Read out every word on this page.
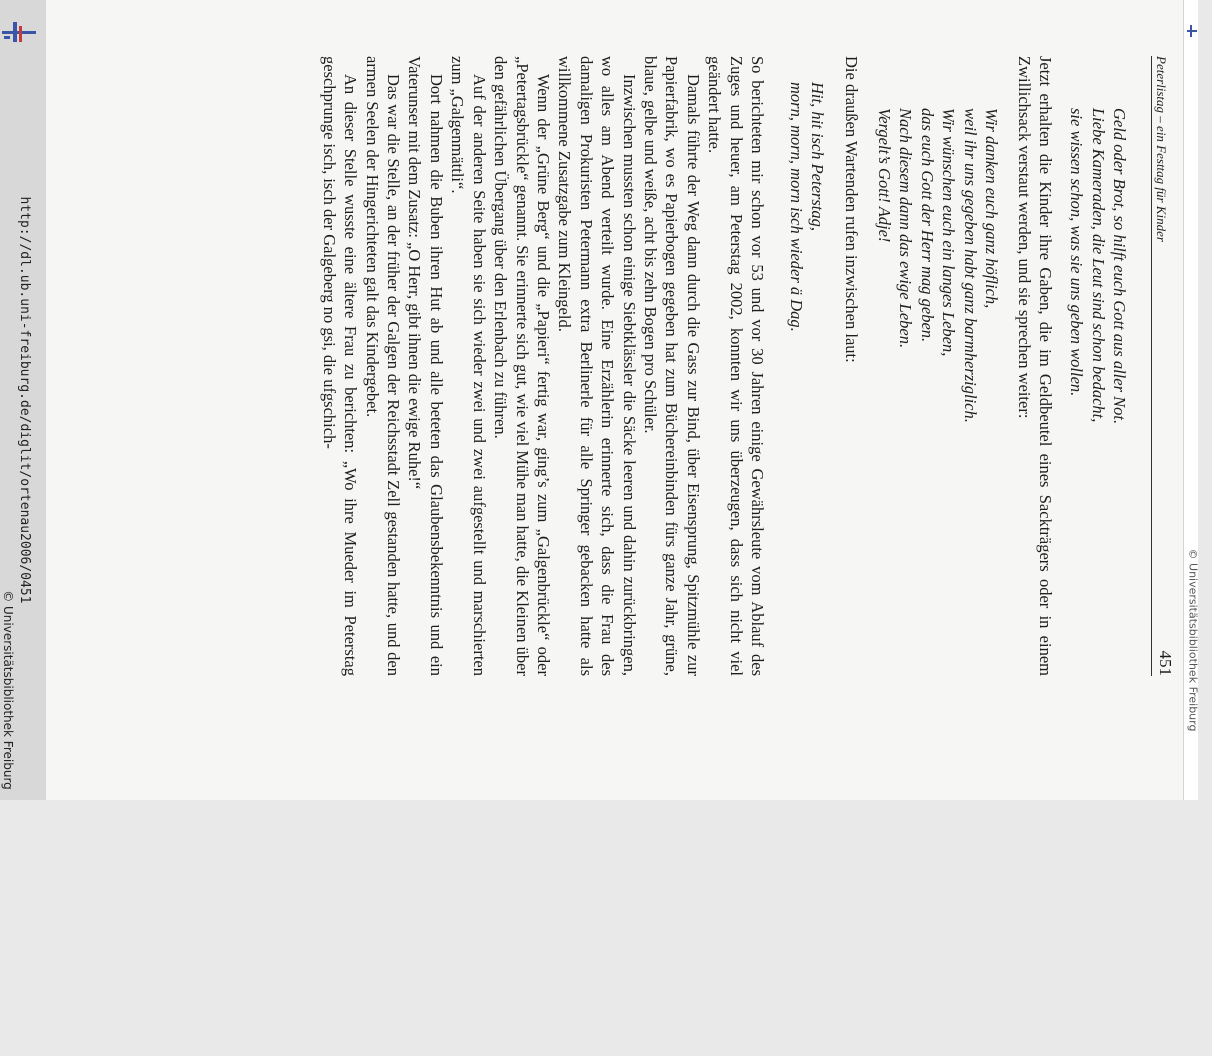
http://dl.ub.uni-freiburg.de/diglit/ortenau2006/0451
© Universitätsbibliothek Freiburg
Peterlistag – ein Festtag für Kinder
451
Geld oder Brot, so hilft euch Gott aus aller Not.
Liebe Kameraden, die Leut sind schon bedacht,
sie wissen schon, was sie uns geben wollen.

Jetzt erhalten die Kinder ihre Gaben, die im Geldbeutel eines Sackträgers oder in einem Zwillichsack verstaut werden, und sie sprechen weiter:

Wir danken euch ganz höflich,
weil ihr uns gegeben habt ganz barmherziglich.
Wir wünschen euch ein langes Leben,
das euch Gott der Herr mag geben.
Nach diesem dann das ewige Leben.
Vergelt’s Gott! Adje!

Die draußen Wartenden rufen inzwischen laut:

Hit, hit isch Peterstag,
morn, morn, morn isch wieder ä Dag.

So berichteten mir schon vor 53 und vor 30 Jahren einige Gewährsleute vom Ablauf des Zuges und heuer, am Peterstag 2002, konnten wir uns überzeugen, dass sich nicht viel geändert hatte.

Damals führte der Weg dann durch die Gass zur Bind, über Eisensprung, Spitzmühle zur Papierfabrik, wo es Papierbogen gegeben hat zum Büchereinbinden fürs ganze Jahr, grüne, blaue, gelbe und weiße, acht bis zehn Bogen pro Schüler.

Inzwischen mussten schon einige Siebtklässler die Säcke leeren und dahin zurückbringen, wo alles am Abend verteilt wurde. Eine Erzählerin erinnerte sich, dass die Frau des damaligen Prokuristen Petermann extra Berlinerle für alle Springer gebacken hatte als willkommene Zusatzgabe zum Kleingeld.

Wenn der „Grüne Berg“ und die „Papieri“ fertig war, ging’s zum „Galgenbrückle“ oder „Petertagsbrückle“ genannt. Sie erinnerte sich gut, wie viel Mühe man hatte, die Kleinen über den gefährlichen Übergang über den Erlenbach zu führen.

Auf der anderen Seite haben sie sich wieder zwei und zwei aufgestellt und marschierten zum „Galgenmättli“.

Dort nahmen die Buben ihren Hut ab und alle beteten das Glaubensbekenntnis und ein Vaterunser mit dem Zusatz: „O Herr, gibt ihnen die ewige Ruhe!“

Das war die Stelle, an der früher der Galgen der Reichsstadt Zell gestanden hatte, und den armen Seelen der Hingerichteten galt das Kindergebet.

An dieser Stelle wusste eine ältere Frau zu berichten: „Wo ihre Mueder im Peterstag geschprunge isch, isch der Galgeberg no gsi, die ufgschich-

© Universitätsbibliothek Freiburg
